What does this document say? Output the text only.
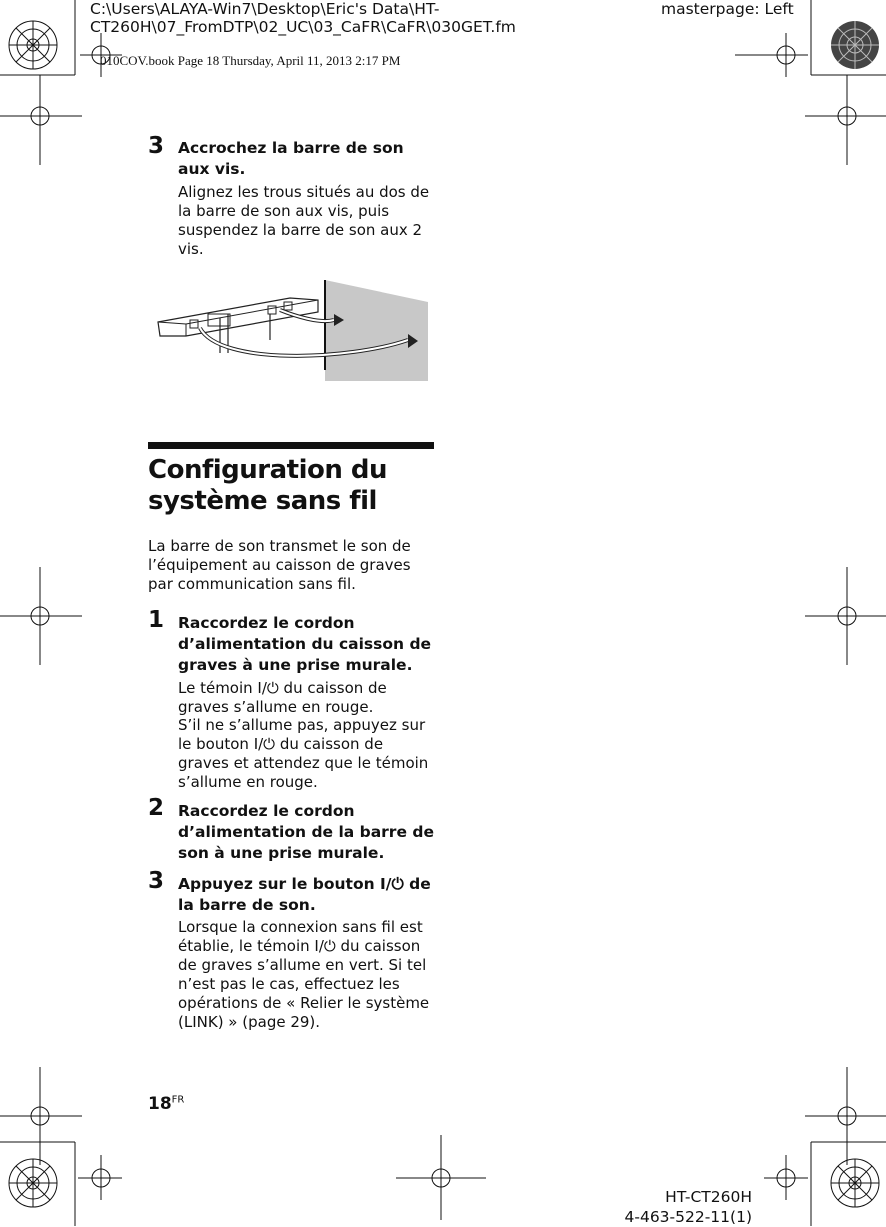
C:\Users\ALAYA-Win7\Desktop\Eric's Data\HT-CT260H\07_FromDTP\02_UC\03_CaFR\CaFR\030GET.fm
masterpage: Left
010COV.book Page 18 Thursday, April 11, 2013 2:17 PM
3 Accrochez la barre de son aux vis.
Alignez les trous situés au dos de la barre de son aux vis, puis suspendez la barre de son aux 2 vis.
Configuration du système sans fil
La barre de son transmet le son de l’équipement au caisson de graves par communication sans fil.
1 Raccordez le cordon d’alimentation du caisson de graves à une prise murale.
Le témoin I/⏻ du caisson de graves s’allume en rouge.
S’il ne s’allume pas, appuyez sur le bouton I/⏻ du caisson de graves et attendez que le témoin s’allume en rouge.
2 Raccordez le cordon d’alimentation de la barre de son à une prise murale.
3 Appuyez sur le bouton I/⏻ de la barre de son.
Lorsque la connexion sans fil est établie, le témoin I/⏻ du caisson de graves s’allume en vert. Si tel n’est pas le cas, effectuez les opérations de « Relier le système (LINK) » (page 29).
$18^{FR}$
HT-CT260H
4-463-522-11(1)
